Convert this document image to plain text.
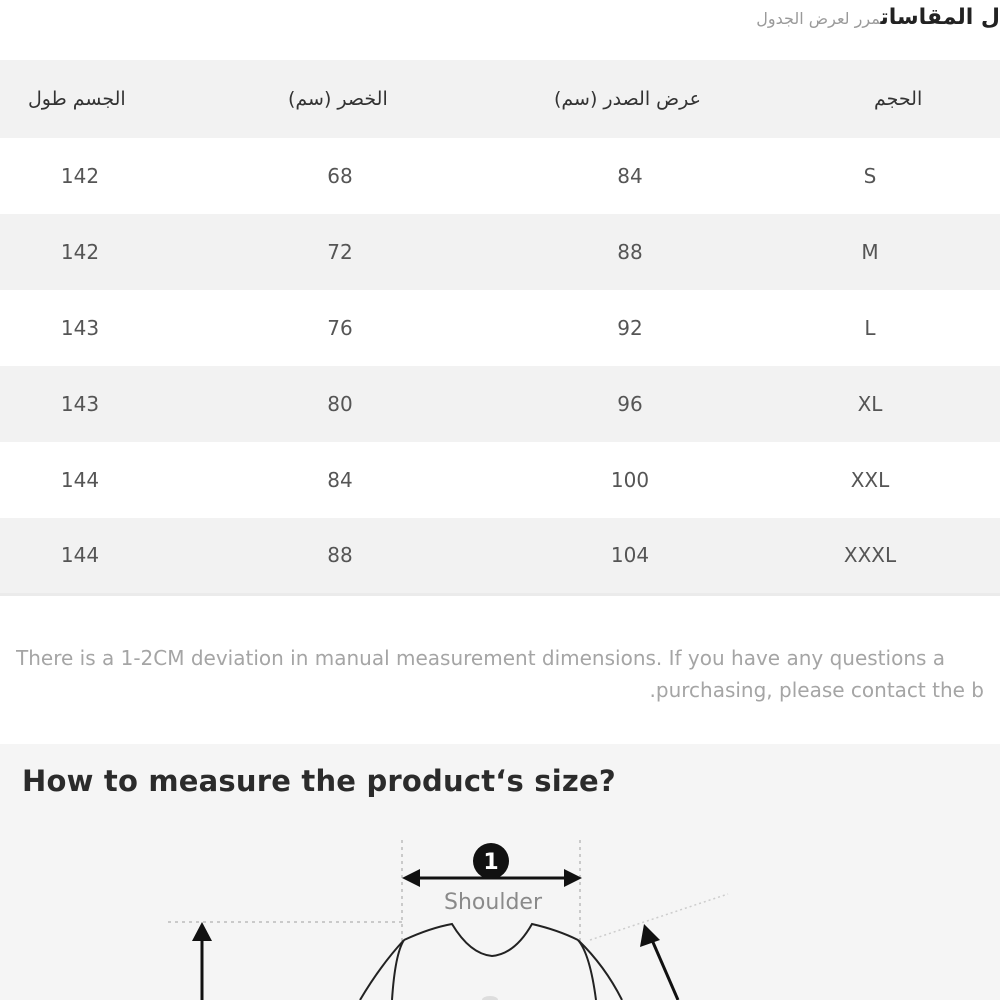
ل المقاساتمرر لعرض الجدول
الجسم طول	الخصر (سم)	عرض الصدر (سم)	الحجم
142	68	84	S
142	72	88	M
143	76	92	L
143	80	96	XL
144	84	100	XXL
144	88	104	XXXL
There is a 1-2CM deviation in manual measurement dimensions. If you have any questions a
.purchasing, please contact the b
How to measure the product‘s size?
1
Shoulder
